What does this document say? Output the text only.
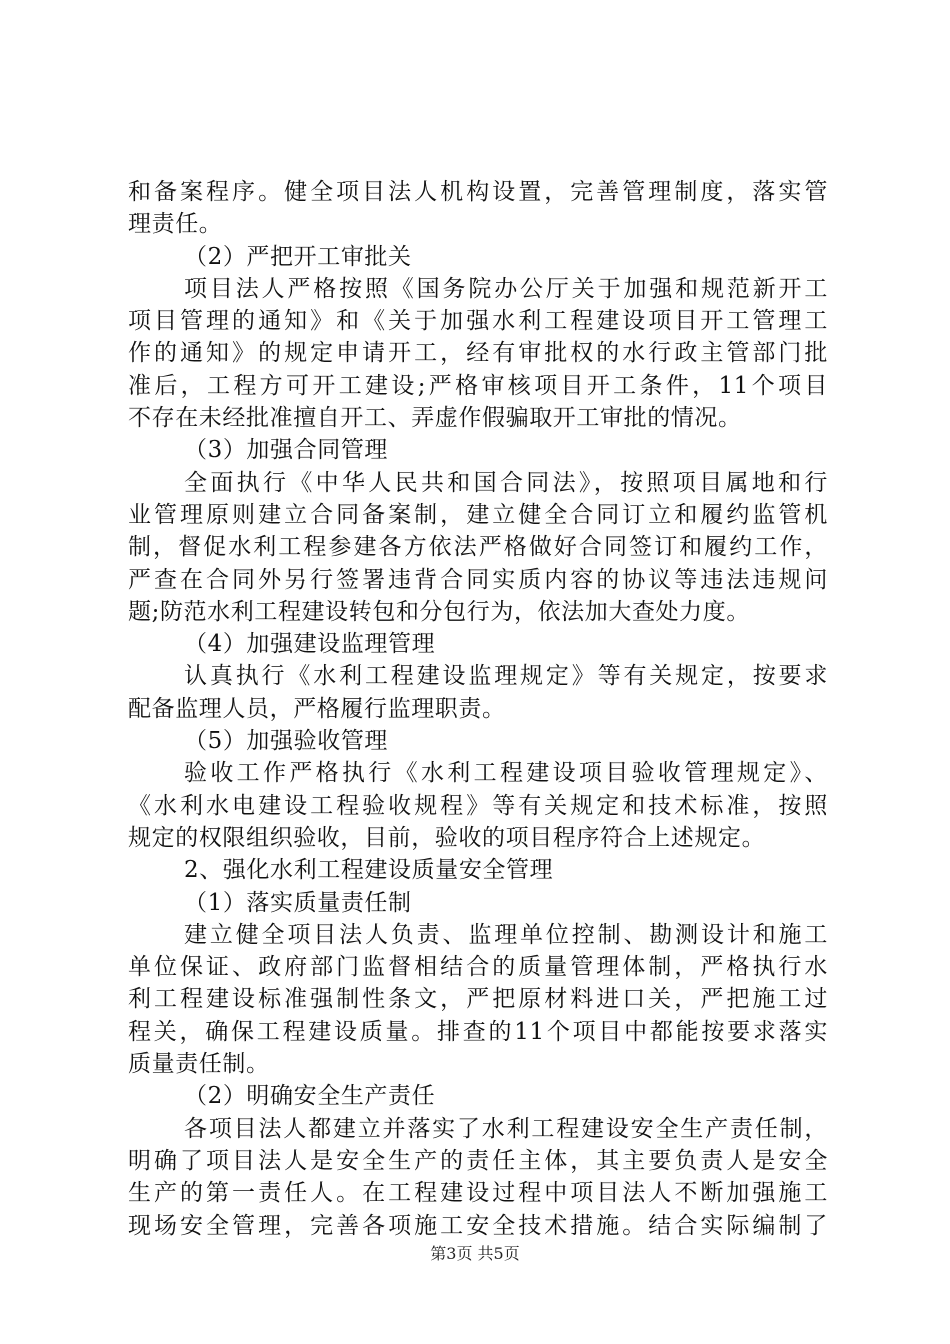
和备案程序。健全项目法人机构设置，完善管理制度，落实管
理责任。
（2）严把开工审批关
项目法人严格按照《国务院办公厅关于加强和规范新开工
项目管理的通知》和《关于加强水利工程建设项目开工管理工
作的通知》的规定申请开工，经有审批权的水行政主管部门批
准后，工程方可开工建设;严格审核项目开工条件，11个项目
不存在未经批准擅自开工、弄虚作假骗取开工审批的情况。
（3）加强合同管理
全面执行《中华人民共和国合同法》，按照项目属地和行
业管理原则建立合同备案制，建立健全合同订立和履约监管机
制，督促水利工程参建各方依法严格做好合同签订和履约工作，
严查在合同外另行签署违背合同实质内容的协议等违法违规问
题;防范水利工程建设转包和分包行为，依法加大查处力度。
（4）加强建设监理管理
认真执行《水利工程建设监理规定》等有关规定，按要求
配备监理人员，严格履行监理职责。
（5）加强验收管理
验收工作严格执行《水利工程建设项目验收管理规定》、
《水利水电建设工程验收规程》等有关规定和技术标准，按照
规定的权限组织验收，目前，验收的项目程序符合上述规定。
2、强化水利工程建设质量安全管理
（1）落实质量责任制
建立健全项目法人负责、监理单位控制、勘测设计和施工
单位保证、政府部门监督相结合的质量管理体制，严格执行水
利工程建设标准强制性条文，严把原材料进口关，严把施工过
程关，确保工程建设质量。排查的11个项目中都能按要求落实
质量责任制。
（2）明确安全生产责任
各项目法人都建立并落实了水利工程建设安全生产责任制，
明确了项目法人是安全生产的责任主体，其主要负责人是安全
生产的第一责任人。在工程建设过程中项目法人不断加强施工
现场安全管理，完善各项施工安全技术措施。结合实际编制了
第3页 共5页
